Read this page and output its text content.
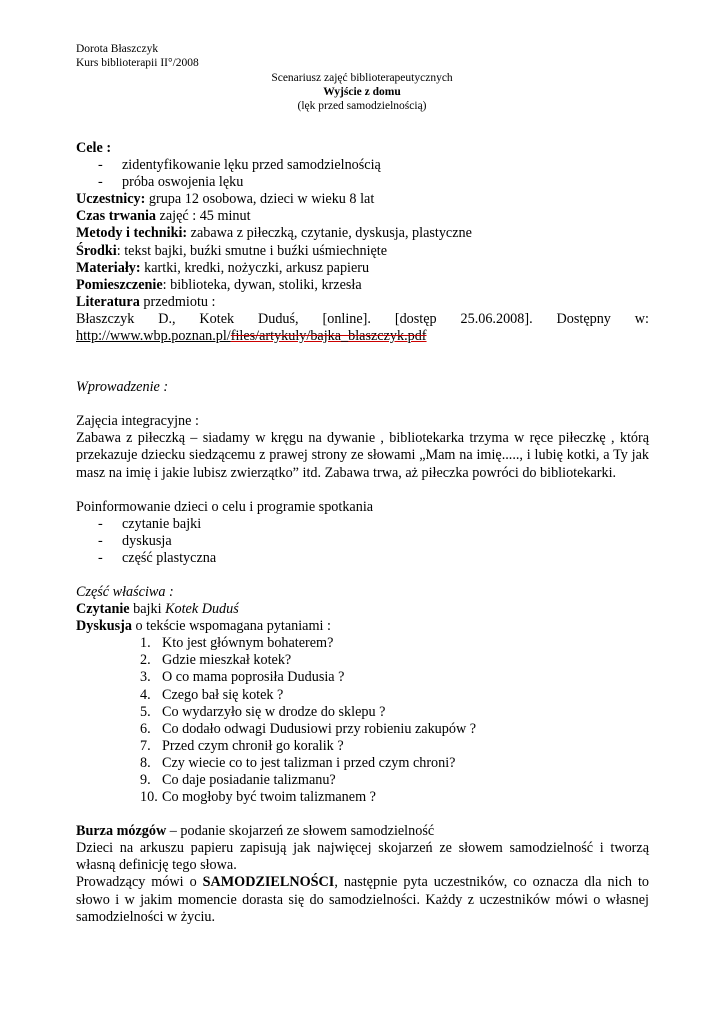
Dorota Błaszczyk
Kurs biblioterapii II°/2008
Scenariusz zajęć biblioterapeutycznych
Wyjście z domu
(lęk przed samodzielnością)

Cele :

- zidentyfikowanie lęku przed samodzielnością
- próba oswojenia lęku

Uczestnicy: grupa 12 osobowa, dzieci w wieku 8 lat

Czas trwania zajęć : 45 minut

Metody i techniki: zabawa z piłeczką, czytanie, dyskusja, plastyczne

Środki: tekst bajki, buźki smutne i buźki uśmiechnięte

Materiały: kartki, kredki, nożyczki, arkusz papieru

Pomieszczenie: biblioteka, dywan, stoliki, krzesła

Literatura przedmiotu :

Błaszczyk D., Kotek Duduś, [online]. [dostęp 25.06.2008]. Dostępny w:

http://www.wbp.poznan.pl/files/artykuly/bajka_blaszczyk.pdf

Wprowadzenie :

Zajęcia integracyjne :

Zabawa z piłeczką – siadamy w kręgu na dywanie , bibliotekarka trzyma w ręce piłeczkę , którą przekazuje dziecku siedzącemu z prawej strony ze słowami „Mam na imię....., i lubię kotki, a Ty jak masz na imię i jakie lubisz zwierzątko” itd. Zabawa trwa, aż piłeczka powróci do bibliotekarki.

Poinformowanie dzieci o celu i programie spotkania

- czytanie bajki
- dyskusja
- część plastyczna

Część właściwa :

Czytanie bajki Kotek Duduś

Dyskusja o tekście wspomagana pytaniami :

1. Kto jest głównym bohaterem?
2. Gdzie mieszkał kotek?
3. O co mama poprosiła Dudusia ?
4. Czego bał się kotek ?
5. Co wydarzyło się w drodze do sklepu ?
6. Co dodało odwagi Dudusiowi przy robieniu zakupów ?
7. Przed czym chronił go koralik ?
8. Czy wiecie co to jest talizman i przed czym chroni?
9. Co daje posiadanie talizmanu?
10. Co mogłoby być twoim talizmanem ?

Burza mózgów – podanie skojarzeń ze słowem samodzielność

Dzieci na arkuszu papieru zapisują jak najwięcej skojarzeń ze słowem samodzielność i tworzą własną definicję tego słowa.

Prowadzący mówi o SAMODZIELNOŚCI, następnie pyta uczestników, co oznacza dla nich to słowo i w jakim momencie dorasta się do samodzielności. Każdy z uczestników mówi o własnej samodzielności w życiu.
